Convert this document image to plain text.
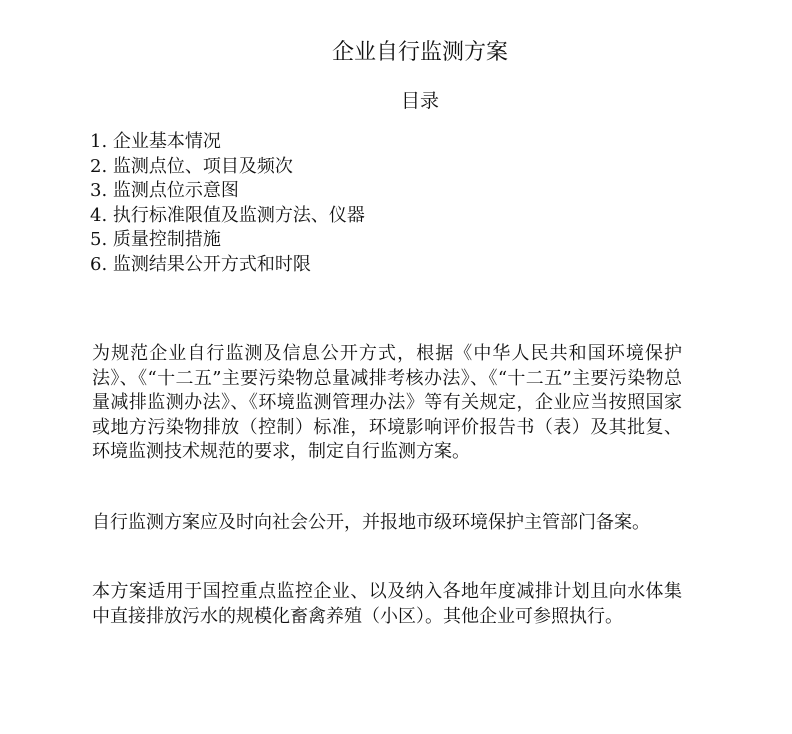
企业自行监测方案
目录
1. 企业基本情况
2. 监测点位、项目及频次
3. 监测点位示意图
4. 执行标准限值及监测方法、仪器
5. 质量控制措施
6. 监测结果公开方式和时限

为规范企业自行监测及信息公开方式，根据《中华人民共和国环境保护法》、《“十二五”主要污染物总量减排考核办法》、《“十二五”主要污染物总量减排监测办法》、《环境监测管理办法》等有关规定，企业应当按照国家或地方污染物排放（控制）标准，环境影响评价报告书（表）及其批复、环境监测技术规范的要求，制定自行监测方案。

自行监测方案应及时向社会公开，并报地市级环境保护主管部门备案。

本方案适用于国控重点监控企业、以及纳入各地年度减排计划且向水体集中直接排放污水的规模化畜禽养殖（小区）。其他企业可参照执行。
